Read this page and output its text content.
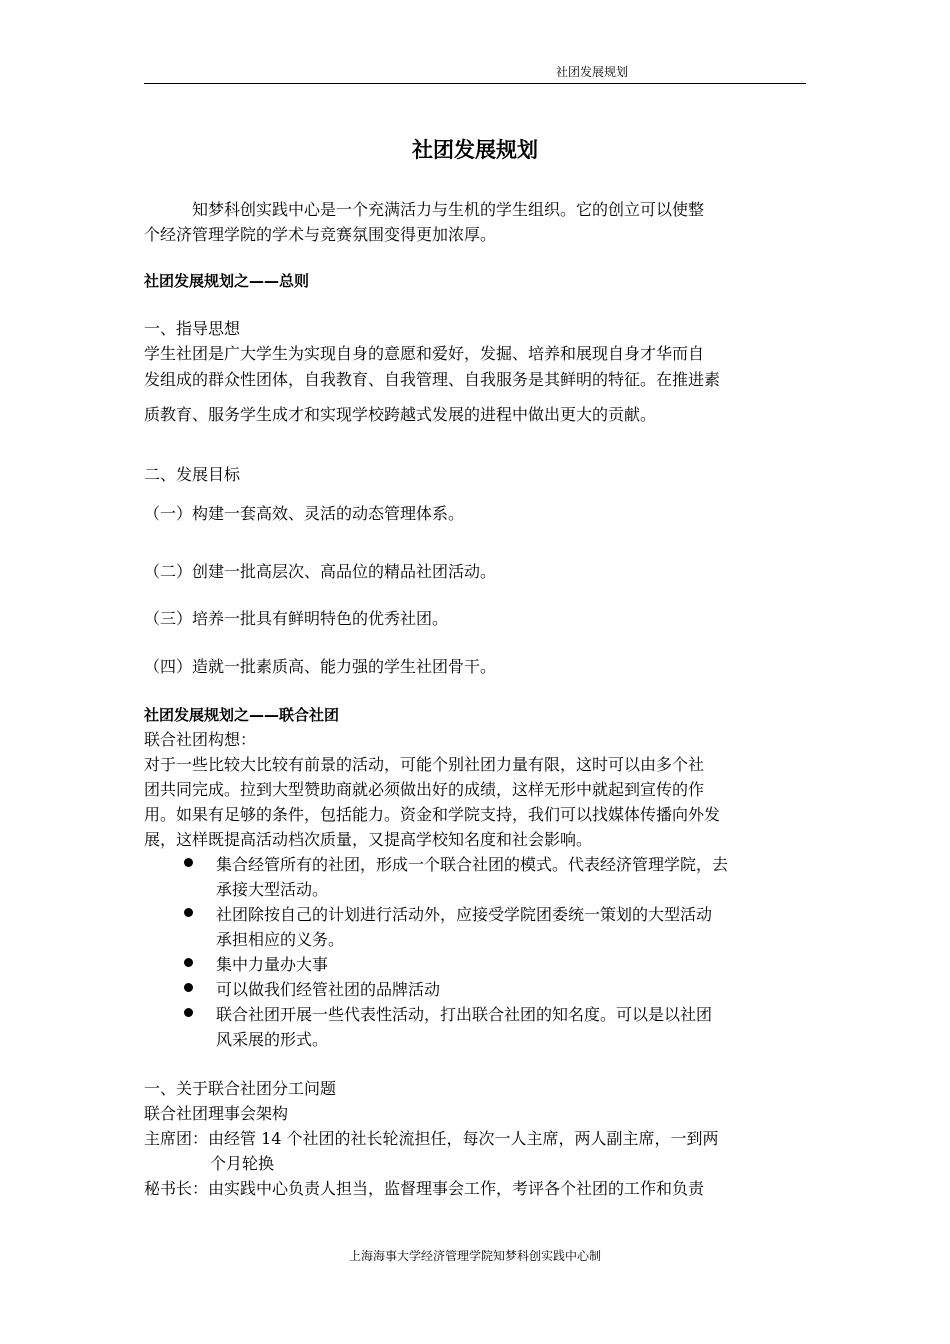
社团发展规划
社团发展规划
知梦科创实践中心是一个充满活力与生机的学生组织。它的创立可以使整
个经济管理学院的学术与竞赛氛围变得更加浓厚。
社团发展规划之——总则
一、指导思想
学生社团是广大学生为实现自身的意愿和爱好，发掘、培养和展现自身才华而自
发组成的群众性团体，自我教育、自我管理、自我服务是其鲜明的特征。在推进素
质教育、服务学生成才和实现学校跨越式发展的进程中做出更大的贡献。
二、发展目标
（一）构建一套高效、灵活的动态管理体系。
（二）创建一批高层次、高品位的精品社团活动。
（三）培养一批具有鲜明特色的优秀社团。
（四）造就一批素质高、能力强的学生社团骨干。
社团发展规划之——联合社团
联合社团构想：
对于一些比较大比较有前景的活动，可能个别社团力量有限，这时可以由多个社
团共同完成。拉到大型赞助商就必须做出好的成绩，这样无形中就起到宣传的作
用。如果有足够的条件，包括能力。资金和学院支持，我们可以找媒体传播向外发
展，这样既提高活动档次质量，又提高学校知名度和社会影响。
集合经管所有的社团，形成一个联合社团的模式。代表经济管理学院，去
承接大型活动。
社团除按自己的计划进行活动外，应接受学院团委统一策划的大型活动
承担相应的义务。
集中力量办大事
可以做我们经管社团的品牌活动
联合社团开展一些代表性活动，打出联合社团的知名度。可以是以社团
风采展的形式。
一、关于联合社团分工问题
联合社团理事会架构
主席团：由经管 14 个社团的社长轮流担任，每次一人主席，两人副主席，一到两
个月轮换
秘书长：由实践中心负责人担当，监督理事会工作，考评各个社团的工作和负责
上海海事大学经济管理学院知梦科创实践中心制
